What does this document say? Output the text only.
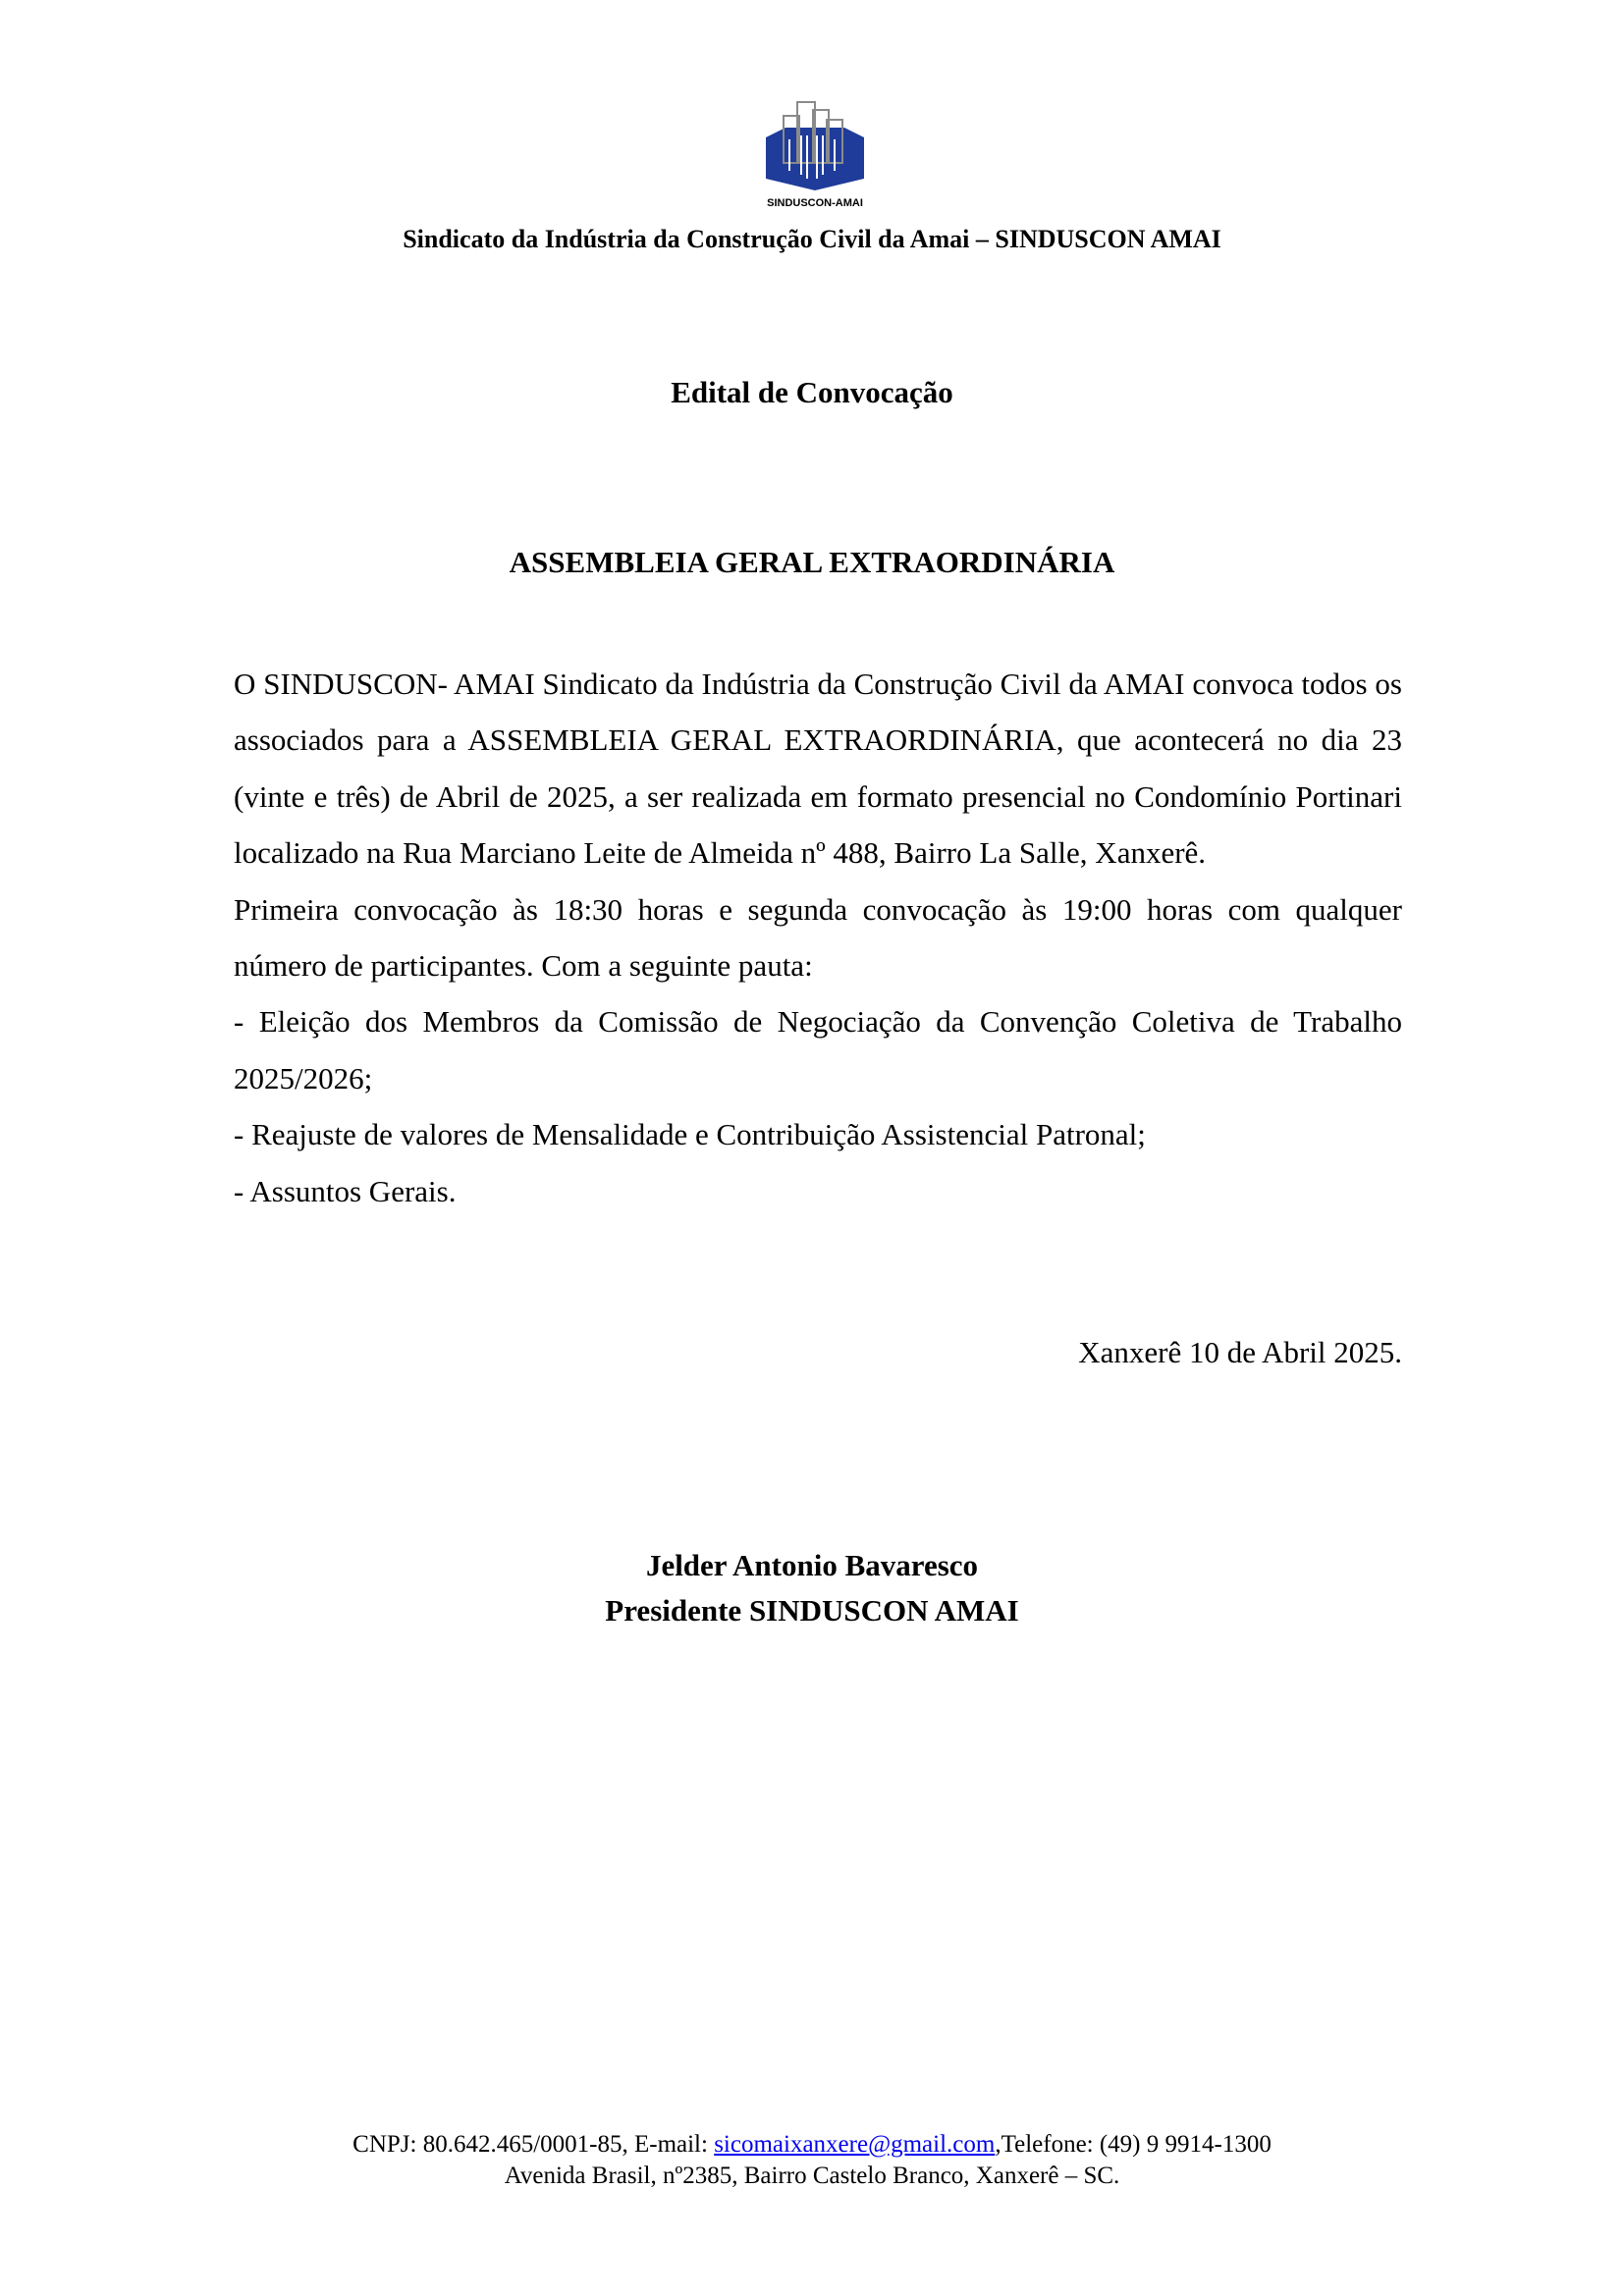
SINDUSCON-AMAI
Sindicato da Indústria da Construção Civil da Amai – SINDUSCON AMAI
Edital de Convocação
ASSEMBLEIA GERAL EXTRAORDINÁRIA

O SINDUSCON- AMAI Sindicato da Indústria da Construção Civil da AMAI convoca todos os associados para a ASSEMBLEIA GERAL EXTRAORDINÁRIA, que acontecerá no dia 23 (vinte e três) de Abril de 2025, a ser realizada em formato presencial no Condomínio Portinari localizado na Rua Marciano Leite de Almeida nº 488, Bairro La Salle, Xanxerê.

Primeira convocação às 18:30 horas e segunda convocação às 19:00 horas com qualquer número de participantes. Com a seguinte pauta:

- Eleição dos Membros da Comissão de Negociação da Convenção Coletiva de Trabalho 2025/2026;

- Reajuste de valores de Mensalidade e Contribuição Assistencial Patronal;

- Assuntos Gerais.

Xanxerê 10 de Abril 2025.
Jelder Antonio Bavaresco
Presidente SINDUSCON AMAI
CNPJ: 80.642.465/0001-85, E-mail: sicomaixanxere@gmail.com,Telefone: (49) 9 9914-1300
Avenida Brasil, nº2385, Bairro Castelo Branco, Xanxerê – SC.
